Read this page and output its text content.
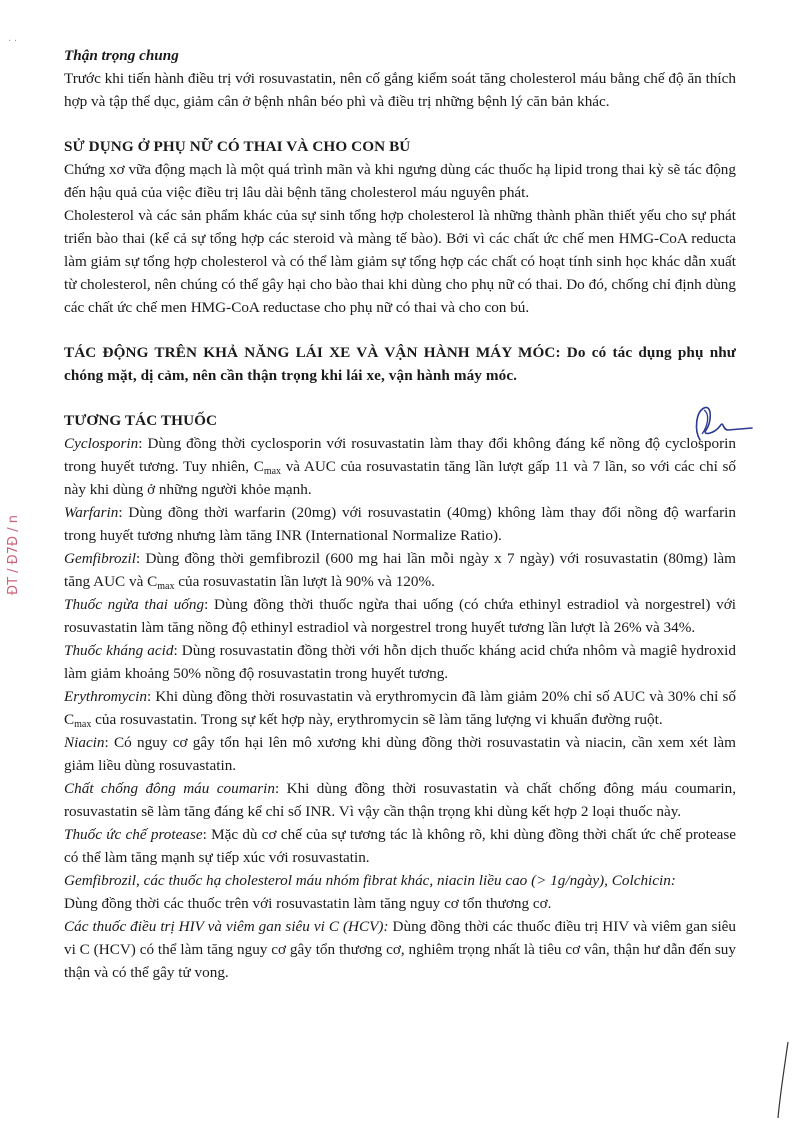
· ·
ĐT / Đ7Đ / n

Thận trọng chung

Trước khi tiến hành điều trị với rosuvastatin, nên cố gắng kiểm soát tăng cholesterol máu bằng chế độ ăn thích hợp và tập thể dục, giảm cân ở bệnh nhân béo phì và điều trị những bệnh lý căn bản khác.

SỬ DỤNG Ở PHỤ NỮ CÓ THAI VÀ CHO CON BÚ

Chứng xơ vữa động mạch là một quá trình mãn và khi ngưng dùng các thuốc hạ lipid trong thai kỳ sẽ tác động đến hậu quả của việc điều trị lâu dài bệnh tăng cholesterol máu nguyên phát.

Cholesterol và các sản phẩm khác của sự sinh tổng hợp cholesterol là những thành phần thiết yếu cho sự phát triển bào thai (kể cả sự tổng hợp các steroid và màng tế bào). Bởi vì các chất ức chế men HMG-CoA reducta làm giảm sự tổng hợp cholesterol và có thể làm giảm sự tổng hợp các chất có hoạt tính sinh học khác dẫn xuất từ cholesterol, nên chúng có thể gây hại cho bào thai khi dùng cho phụ nữ có thai. Do đó, chống chỉ định dùng các chất ức chế men HMG-CoA reductase cho phụ nữ có thai và cho con bú.

TÁC ĐỘNG TRÊN KHẢ NĂNG LÁI XE VÀ VẬN HÀNH MÁY MÓC: Do có tác dụng phụ như chóng mặt, dị cảm, nên cần thận trọng khi lái xe, vận hành máy móc.

TƯƠNG TÁC THUỐC

Cyclosporin: Dùng đồng thời cyclosporin với rosuvastatin làm thay đổi không đáng kể nồng độ cyclosporin trong huyết tương. Tuy nhiên, $C_{max}$ và AUC của rosuvastatin tăng lần lượt gấp 11 và 7 lần, so với các chỉ số này khi dùng ở những người khỏe mạnh.

Warfarin: Dùng đồng thời warfarin (20mg) với rosuvastatin (40mg) không làm thay đổi nồng độ warfarin trong huyết tương nhưng làm tăng INR (International Normalize Ratio).

Gemfibrozil: Dùng đồng thời gemfibrozil (600 mg hai lần mỗi ngày x 7 ngày) với rosuvastatin (80mg) làm tăng AUC và $C_{max}$ của rosuvastatin lần lượt là 90% và 120%.

Thuốc ngừa thai uống: Dùng đồng thời thuốc ngừa thai uống (có chứa ethinyl estradiol và norgestrel) với rosuvastatin làm tăng nồng độ ethinyl estradiol và norgestrel trong huyết tương lần lượt là 26% và 34%.

Thuốc kháng acid: Dùng rosuvastatin đồng thời với hỗn dịch thuốc kháng acid chứa nhôm và magiê hydroxid làm giảm khoảng 50% nồng độ rosuvastatin trong huyết tương.

Erythromycin: Khi dùng đồng thời rosuvastatin và erythromycin đã làm giảm 20% chỉ số AUC và 30% chỉ số $C_{max}$ của rosuvastatin. Trong sự kết hợp này, erythromycin sẽ làm tăng lượng vi khuẩn đường ruột.

Niacin: Có nguy cơ gây tổn hại lên mô xương khi dùng đồng thời rosuvastatin và niacin, cần xem xét làm giảm liều dùng rosuvastatin.

Chất chống đông máu coumarin: Khi dùng đồng thời rosuvastatin và chất chống đông máu coumarin, rosuvastatin sẽ làm tăng đáng kể chỉ số INR. Vì vậy cần thận trọng khi dùng kết hợp 2 loại thuốc này.

Thuốc ức chế protease: Mặc dù cơ chế của sự tương tác là không rõ, khi dùng đồng thời chất ức chế protease có thể làm tăng mạnh sự tiếp xúc với rosuvastatin.

Gemfibrozil, các thuốc hạ cholesterol máu nhóm fibrat khác, niacin liều cao (> 1g/ngày), Colchicin:
Dùng đồng thời các thuốc trên với rosuvastatin làm tăng nguy cơ tổn thương cơ.

Các thuốc điều trị HIV và viêm gan siêu vi C (HCV): Dùng đồng thời các thuốc điều trị HIV và viêm gan siêu vi C (HCV) có thể làm tăng nguy cơ gây tổn thương cơ, nghiêm trọng nhất là tiêu cơ vân, thận hư dẫn đến suy thận và có thể gây tử vong.
